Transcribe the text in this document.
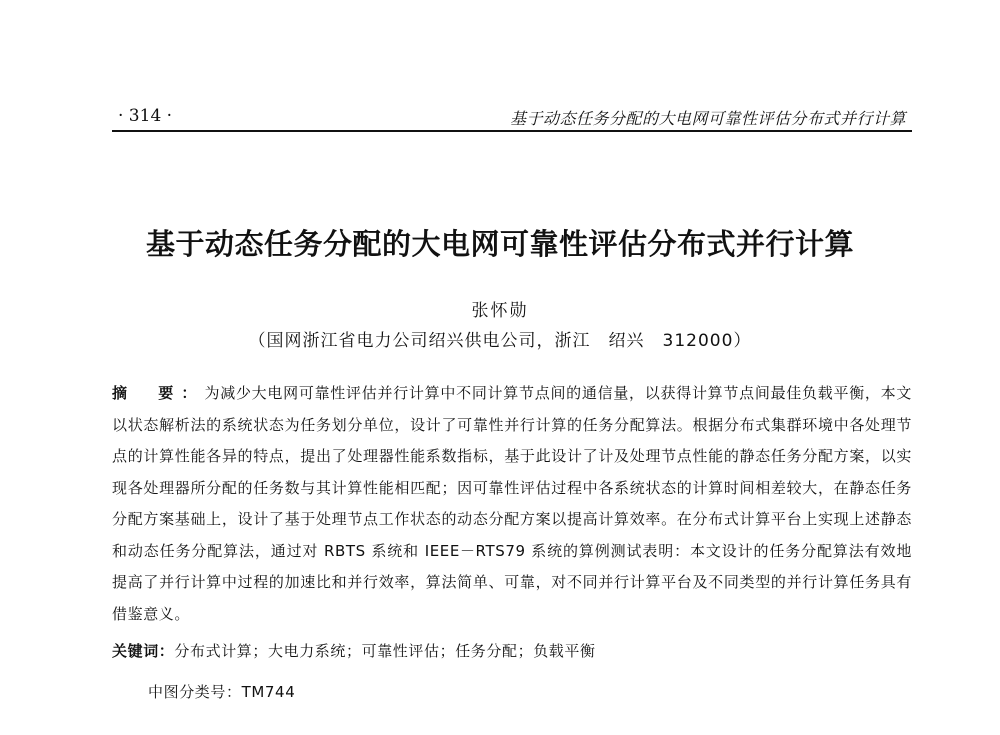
· 314 ·	基于动态任务分配的大电网可靠性评估分布式并行计算
基于动态任务分配的大电网可靠性评估分布式并行计算
张怀勋
（国网浙江省电力公司绍兴供电公司，浙江　绍兴　312000）
摘　要：为减少大电网可靠性评估并行计算中不同计算节点间的通信量，以获得计算节点间最佳负载平衡，本文以状态解析法的系统状态为任务划分单位，设计了可靠性并行计算的任务分配算法。根据分布式集群环境中各处理节点的计算性能各异的特点，提出了处理器性能系数指标，基于此设计了计及处理节点性能的静态任务分配方案，以实现各处理器所分配的任务数与其计算性能相匹配；因可靠性评估过程中各系统状态的计算时间相差较大，在静态任务分配方案基础上，设计了基于处理节点工作状态的动态分配方案以提高计算效率。在分布式计算平台上实现上述静态和动态任务分配算法，通过对 RBTS 系统和 IEEE－RTS79 系统的算例测试表明：本文设计的任务分配算法有效地提高了并行计算中过程的加速比和并行效率，算法简单、可靠，对不同并行计算平台及不同类型的并行计算任务具有借鉴意义。
关键词：分布式计算；大电力系统；可靠性评估；任务分配；负载平衡
中图分类号：TM744
